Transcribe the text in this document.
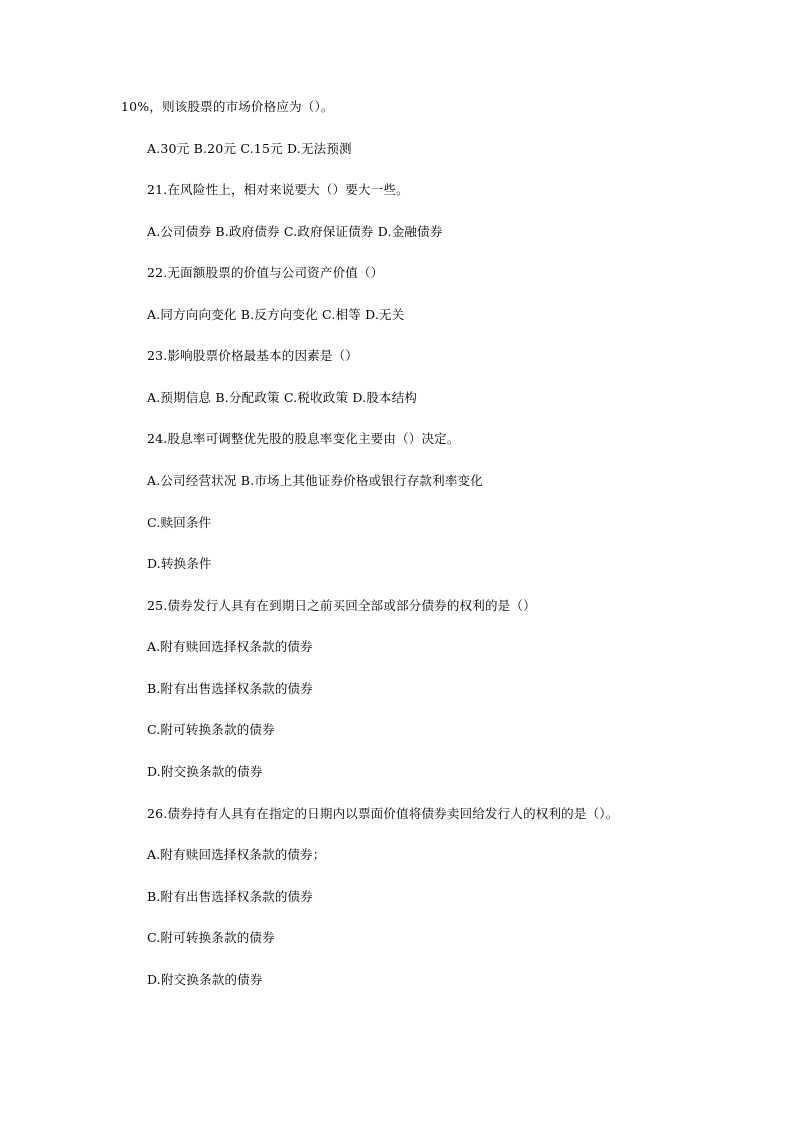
10%，则该股票的市场价格应为（）。
A.30元 B.20元 C.15元 D.无法预测
21.在风险性上，相对来说要大（）要大一些。
A.公司债券 B.政府债券 C.政府保证债券 D.金融债券
22.无面额股票的价值与公司资产价值（）
A.同方向向变化 B.反方向变化 C.相等 D.无关
23.影响股票价格最基本的因素是（）
A.预期信息 B.分配政策 C.税收政策 D.股本结构
24.股息率可调整优先股的股息率变化主要由（）决定。
A.公司经营状况 B.市场上其他证券价格或银行存款利率变化
C.赎回条件
D.转换条件
25.债券发行人具有在到期日之前买回全部或部分债券的权利的是（）
A.附有赎回选择权条款的债券
B.附有出售选择权条款的债券
C.附可转换条款的债券
D.附交换条款的债券
26.债券持有人具有在指定的日期内以票面价值将债券卖回给发行人的权利的是（）。
A.附有赎回选择权条款的债券；
B.附有出售选择权条款的债券
C.附可转换条款的债券
D.附交换条款的债券
